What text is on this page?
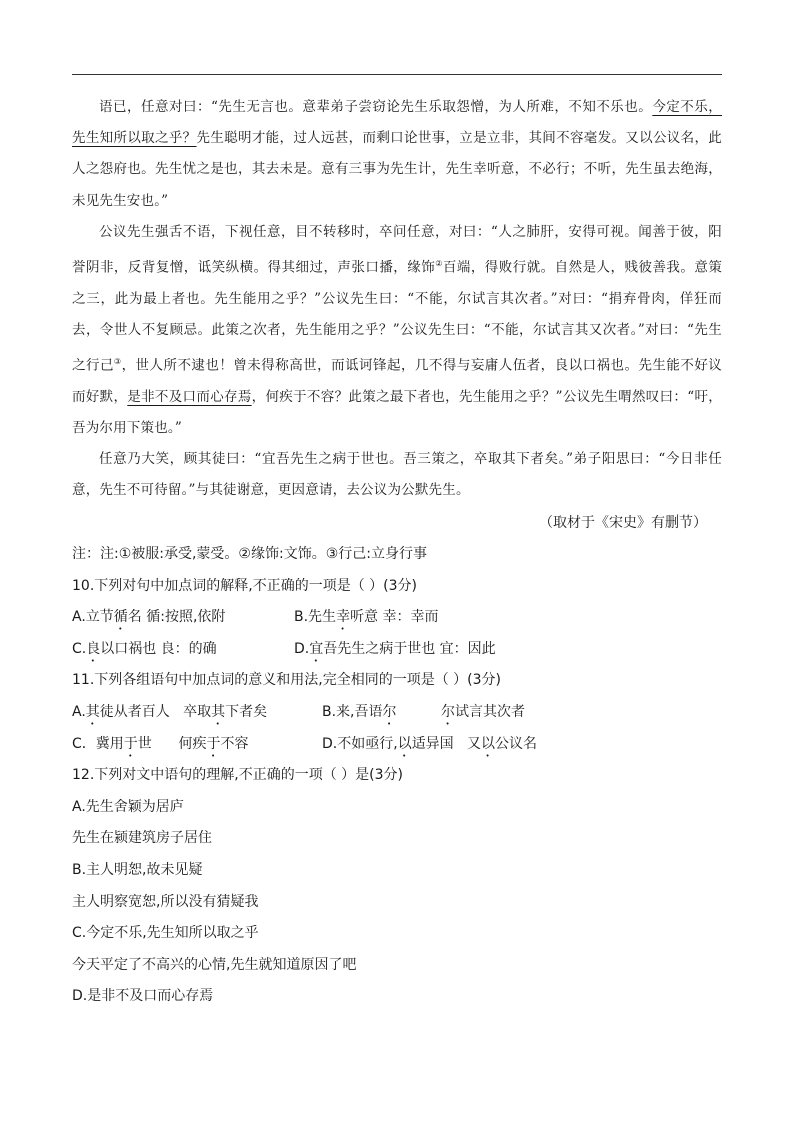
语已，任意对曰：“先生无言也。意辈弟子尝窃论先生乐取怨憎，为人所难，不知不乐也。今定不乐，先生知所以取之乎？先生聪明才能，过人远甚，而剩口论世事，立是立非，其间不容毫发。又以公议名，此人之怨府也。先生忧之是也，其去未是。意有三事为先生计，先生幸听意，不必行；不听，先生虽去绝海，未见先生安也。”

公议先生强舌不语，下视任意，目不转移时，卒问任意，对曰：“人之肺肝，安得可视。闻善于彼，阳誉阴非，反背复憎，诋笑纵横。得其细过，声张口播，缘饰②百端，得败行就。自然是人，贱彼善我。意策之三，此为最上者也。先生能用之乎？”公议先生曰：“不能，尔试言其次者。”对曰：“捐弃骨肉，佯狂而去，令世人不复顾忌。此策之次者，先生能用之乎？”公议先生曰：“不能，尔试言其又次者。”对曰：“先生之行己③，世人所不逮也！曾未得称高世，而诋诃锋起，几不得与妄庸人伍者，良以口祸也。先生能不好议而好默，是非不及口而心存焉，何疾于不容？此策之最下者也，先生能用之乎？”公议先生喟然叹曰：“吁，吾为尔用下策也。”

任意乃大笑，顾其徒曰：“宜吾先生之病于世也。吾三策之，卒取其下者矣。”弟子阳思曰：“今日非任意，先生不可待留。”与其徒谢意，更因意请，去公议为公默先生。

（取材于《宋史》有删节）
注：注:①被服:承受,蒙受。②缘饰:文饰。③行己:立身行事
10.下列对句中加点词的解释,不正确的一项是（ ）(3分)
A.立节循名 循:按照,依附	B.先生幸听意 幸：幸而
C.良以口祸也 良：的确	D.宜吾先生之病于世也 宜：因此
11.下列各组语句中加点词的意义和用法,完全相同的一项是（ ）(3分)
A.其徒从者百人   卒取其下者矣	B.来,吾语尔	尔试言其次者
C．冀用于世      何疾于不容	D.不如亟行,以适异国   又以公议名
12.下列对文中语句的理解,不正确的一项（ ）是(3分)
A.先生舍颖为居庐
先生在颍建筑房子居住
B.主人明恕,故未见疑
主人明察宽恕,所以没有猜疑我
C.今定不乐,先生知所以取之乎
今天平定了不高兴的心情,先生就知道原因了吧
D.是非不及口而心存焉
